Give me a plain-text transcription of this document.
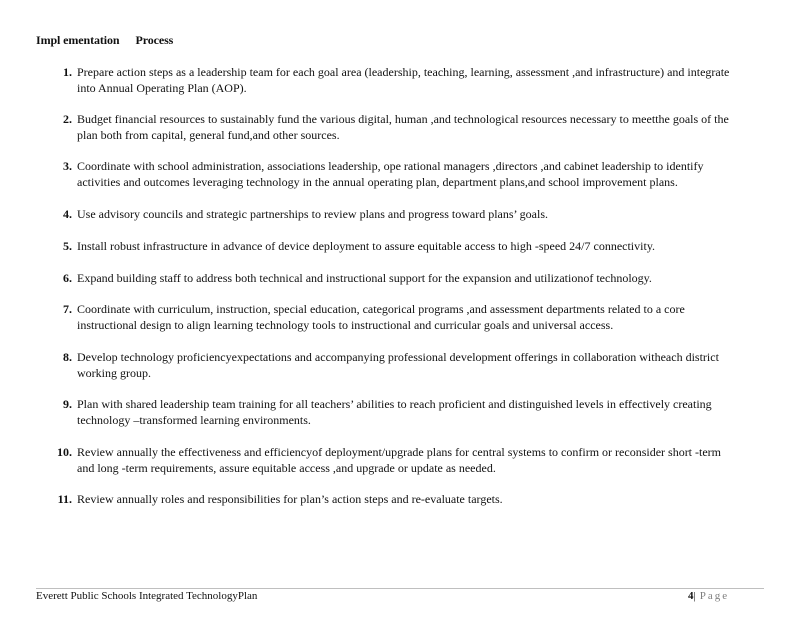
Impl ementation Process
1. Prepare action steps as a leadership team for each goal area (leadership, teaching, learning, assessment ,and infrastructure) and integrate into Annual Operating Plan (AOP).
2. Budget financial resources to sustainably fund the various digital, human ,and technological resources necessary to meetthe goals of the plan both from capital, general fund,and other sources.
3. Coordinate with school administration, associations leadership, ope rational managers ,directors ,and cabinet leadership to identify activities and outcomes leveraging technology in the annual operating plan, department plans,and school improvement plans.
4. Use advisory councils and strategic partnerships to review plans and progress toward plans’ goals.
5. Install robust infrastructure in advance of device deployment to assure equitable access to high -speed 24/7 connectivity.
6. Expand building staff to address both technical and instructional support for the expansion and utilizationof technology.
7. Coordinate with curriculum, instruction, special education, categorical programs ,and assessment departments related to a core instructional design to align learning technology tools to instructional and curricular goals and universal access.
8. Develop technology proficiencyexpectations and accompanying professional development offerings in collaboration witheach district working group.
9. Plan with shared leadership team training for all teachers’ abilities to reach proficient and distinguished levels in effectively creating technology –transformed learning environments.
10. Review annually the effectiveness and efficiencyof deployment/upgrade plans for central systems to confirm or reconsider short -term and long -term requirements, assure equitable access ,and upgrade or update as needed.
11. Review annually roles and responsibilities for plan’s action steps and re-evaluate targets.
Everett Public Schools Integrated TechnologyPlan	4| Page
